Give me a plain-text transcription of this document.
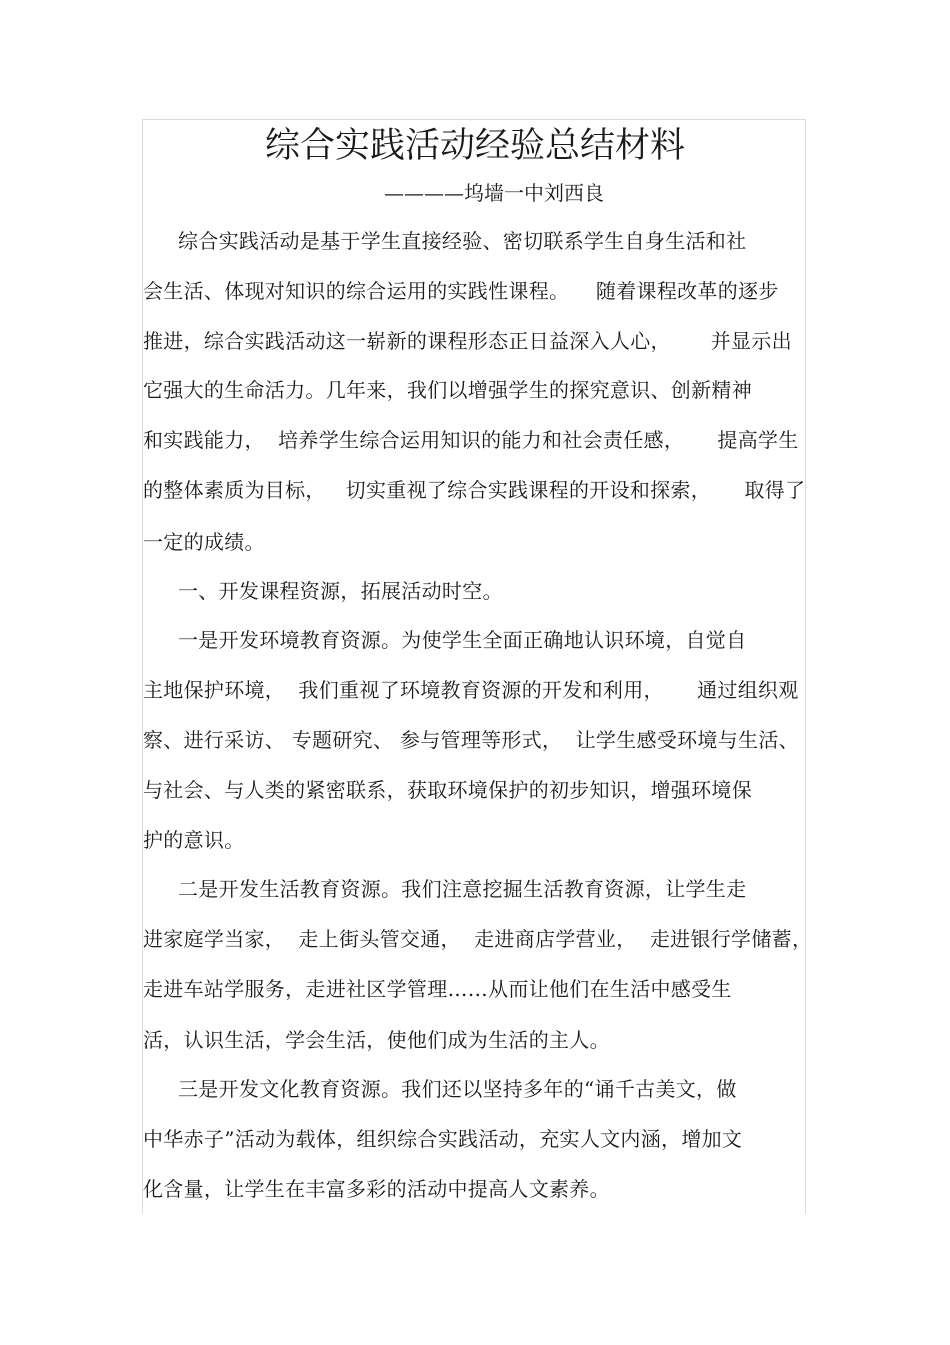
综合实践活动经验总结材料
————坞墙一中刘西良
综合实践活动是基于学生直接经验、密切联系学生自身生活和社
会生活、体现对知识的综合运用的实践性课程。    随着课程改革的逐步
推进，综合实践活动这一崭新的课程形态正日益深入人心，      并显示出
它强大的生命活力。几年来，我们以增强学生的探究意识、创新精神
和实践能力，  培养学生综合运用知识的能力和社会责任感，     提高学生
的整体素质为目标，   切实重视了综合实践课程的开设和探索，     取得了
一定的成绩。
一、开发课程资源，拓展活动时空。
一是开发环境教育资源。为使学生全面正确地认识环境，自觉自
主地保护环境，  我们重视了环境教育资源的开发和利用，     通过组织观
察、进行采访、 专题研究、 参与管理等形式，  让学生感受环境与生活、
与社会、与人类的紧密联系，获取环境保护的初步知识，增强环境保
护的意识。
二是开发生活教育资源。我们注意挖掘生活教育资源，让学生走
进家庭学当家，  走上街头管交通，  走进商店学营业，  走进银行学储蓄，
走进车站学服务，走进社区学管理……从而让他们在生活中感受生
活，认识生活，学会生活，使他们成为生活的主人。
三是开发文化教育资源。我们还以坚持多年的“诵千古美文，做
中华赤子”活动为载体，组织综合实践活动，充实人文内涵，增加文
化含量，让学生在丰富多彩的活动中提高人文素养。
